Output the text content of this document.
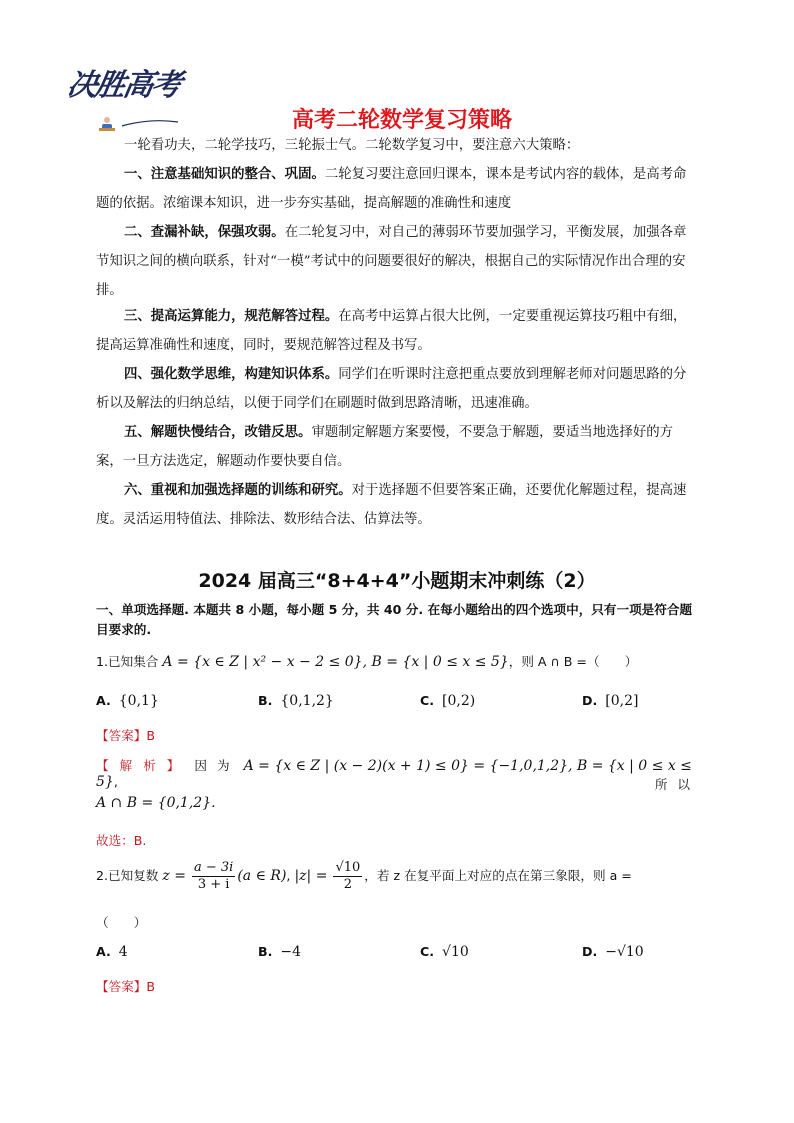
决胜高考
高考二轮数学复习策略
一轮看功夫，二轮学技巧，三轮振士气。二轮数学复习中，要注意六大策略：
一、注意基础知识的整合、巩固。二轮复习要注意回归课本，课本是考试内容的载体，是高考命题的依据。浓缩课本知识，进一步夯实基础，提高解题的准确性和速度
二、查漏补缺，保强攻弱。在二轮复习中，对自己的薄弱环节要加强学习，平衡发展，加强各章节知识之间的横向联系，针对“一模”考试中的问题要很好的解决，根据自己的实际情况作出合理的安排。
三、提高运算能力，规范解答过程。在高考中运算占很大比例，一定要重视运算技巧粗中有细，提高运算准确性和速度，同时，要规范解答过程及书写。
四、强化数学思维，构建知识体系。同学们在听课时注意把重点要放到理解老师对问题思路的分析以及解法的归纳总结，以便于同学们在刷题时做到思路清晰，迅速准确。
五、解题快慢结合，改错反思。审题制定解题方案要慢，不要急于解题，要适当地选择好的方案，一旦方法选定，解题动作要快要自信。
六、重视和加强选择题的训练和研究。对于选择题不但要答案正确，还要优化解题过程，提高速度。灵活运用特值法、排除法、数形结合法、估算法等。
2024 届高三“8+4+4”小题期末冲刺练（2）
一、单项选择题. 本题共 8 小题，每小题 5 分，共 40 分. 在每小题给出的四个选项中，只有一项是符合题目要求的.
1.已知集合 A = {x ∈ Z | x² − x − 2 ≤ 0}, B = {x | 0 ≤ x ≤ 5}，则 A ∩ B =（　　）
A. {0,1}	B. {0,1,2}	C. [0,2)	D. [0,2]
【答案】B
【解析】 因为 A = {x ∈ Z | (x − 2)(x + 1) ≤ 0} = {−1,0,1,2}, B = {x | 0 ≤ x ≤ 5},	所以
A ∩ B = {0,1,2}.
故选：B.
2.已知复数 $z = \frac{a - 3i}{3 + i} (a$ ∈ R), $|z| = \frac{√10}{2}$ ，若 z 在复平面上对应的点在第三象限，则 a =
（　　）
A. 4	B. −4	C. √10	D. −√10
【答案】B
